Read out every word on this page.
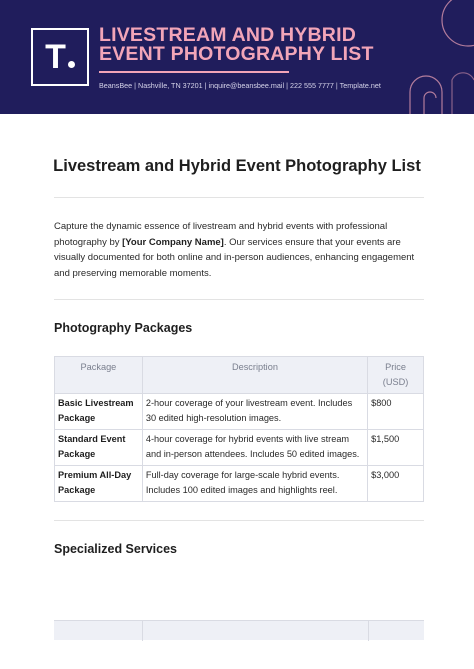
T
LIVESTREAM AND HYBRID EVENT PHOTOGRAPHY LIST
BeansBee | Nashville, TN 37201 | inquire@beansbee.mail | 222 555 7777 | Template.net
Livestream and Hybrid Event Photography List

Capture the dynamic essence of livestream and hybrid events with professional photography by [Your Company Name]. Our services ensure that your events are visually documented for both online and in-person audiences, enhancing engagement and preserving memorable moments.

Photography Packages
Package	Description	Price (USD)
Basic Livestream Package	2-hour coverage of your livestream event. Includes 30 edited high-resolution images.	$800
Standard Event Package	4-hour coverage for hybrid events with live stream and in-person attendees. Includes 50 edited images.	$1,500
Premium All-Day Package	Full-day coverage for large-scale hybrid events. Includes 100 edited images and highlights reel.	$3,000
Specialized Services
